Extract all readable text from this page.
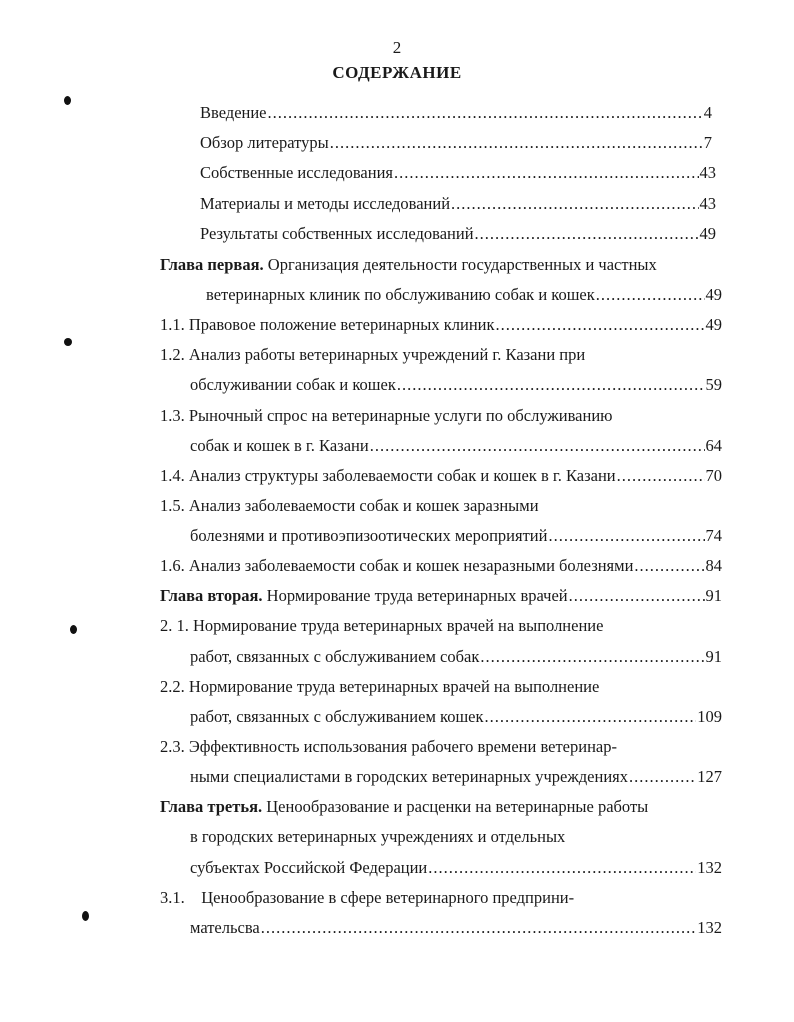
2
СОДЕРЖАНИЕ
Введение .....	4
Обзор литературы .....	7
Собственные исследования .....	43
Материалы и методы исследований .....	43
Результаты собственных исследований .....	49
Глава первая. Организация деятельности государственных и частных
ветеринарных клиник по обслуживанию собак и кошек .....	49
1.1. Правовое положение ветеринарных клиник .....	49
1.2. Анализ работы ветеринарных учреждений г. Казани при
обслуживании собак и кошек .....	59
1.3. Рыночный спрос на ветеринарные услуги по обслуживанию
собак и кошек в г. Казани .....	64
1.4. Анализ структуры заболеваемости собак и кошек в г. Казани .....	70
1.5. Анализ заболеваемости собак и кошек заразными
болезнями и противоэпизоотических мероприятий .....	74
1.6. Анализ заболеваемости собак и кошек незаразными болезнями .....	84
Глава вторая.
Нормирование труда ветеринарных врачей .....	91
2. 1. Нормирование труда ветеринарных врачей на выполнение
работ, связанных с обслуживанием собак .....	91
2.2. Нормирование труда ветеринарных врачей на выполнение
работ, связанных с обслуживанием кошек .....	109
2.3. Эффективность использования рабочего времени ветеринар-
ными специалистами в городских ветеринарных учреждениях .....	127
Глава третья. Ценообразование и расценки на ветеринарные работы
в городских ветеринарных учреждениях и отдельных
субъектах Российской Федерации .....	132
3.1.    Ценообразование в сфере ветеринарного предприни-
мательсва .....	132
